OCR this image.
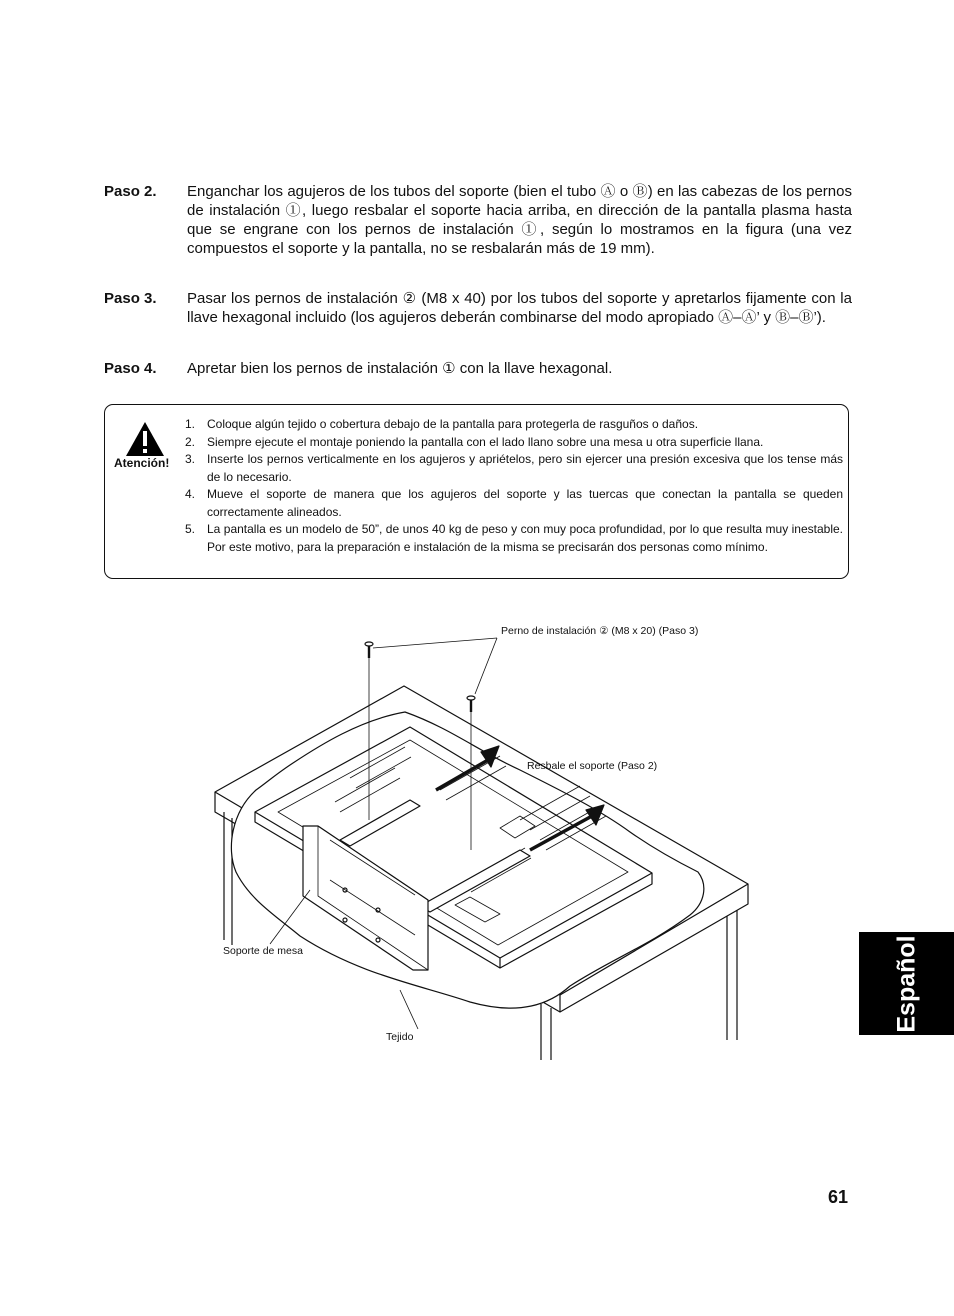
Paso 2. Enganchar los agujeros de los tubos del soporte (bien el tubo Ⓐ o Ⓑ) en las cabezas de los pernos de instalación ①, luego resbalar el soporte hacia arriba, en dirección de la pantalla plasma hasta que se engrane con los pernos de instalación ①, según lo mostramos en la figura (una vez compuestos el soporte y la pantalla, no se resbalarán más de 19 mm).
Paso 3. Pasar los pernos de instalación ② (M8 x 40) por los tubos del soporte y apretarlos fijamente con la llave hexagonal incluido (los agujeros deberán combinarse del modo apropiado Ⓐ–Ⓐ’ y Ⓑ–Ⓑ’).
Paso 4. Apretar bien los pernos de instalación ① con la llave hexagonal.
Atención!
1. Coloque algún tejido o cobertura debajo de la pantalla para protegerla de rasguños o daños.
2. Siempre ejecute el montaje poniendo la pantalla con el lado llano sobre una mesa u otra superficie llana.
3. Inserte los pernos verticalmente en los agujeros y apriételos, pero sin ejercer una presión excesiva que los tense más de lo necesario.
4. Mueve el soporte de manera que los agujeros del soporte y las tuercas que conectan la pantalla se queden correctamente alineados.
5. La pantalla es un modelo de 50”, de unos 40 kg de peso y con muy poca profundidad, por lo que resulta muy inestable. Por este motivo, para la preparación e instalación de la misma se precisarán dos personas como mínimo.
Perno de instalación ② (M8 x 20) (Paso 3)
Resbale el soporte (Paso 2)
Soporte de mesa
Tejido
Español
61
